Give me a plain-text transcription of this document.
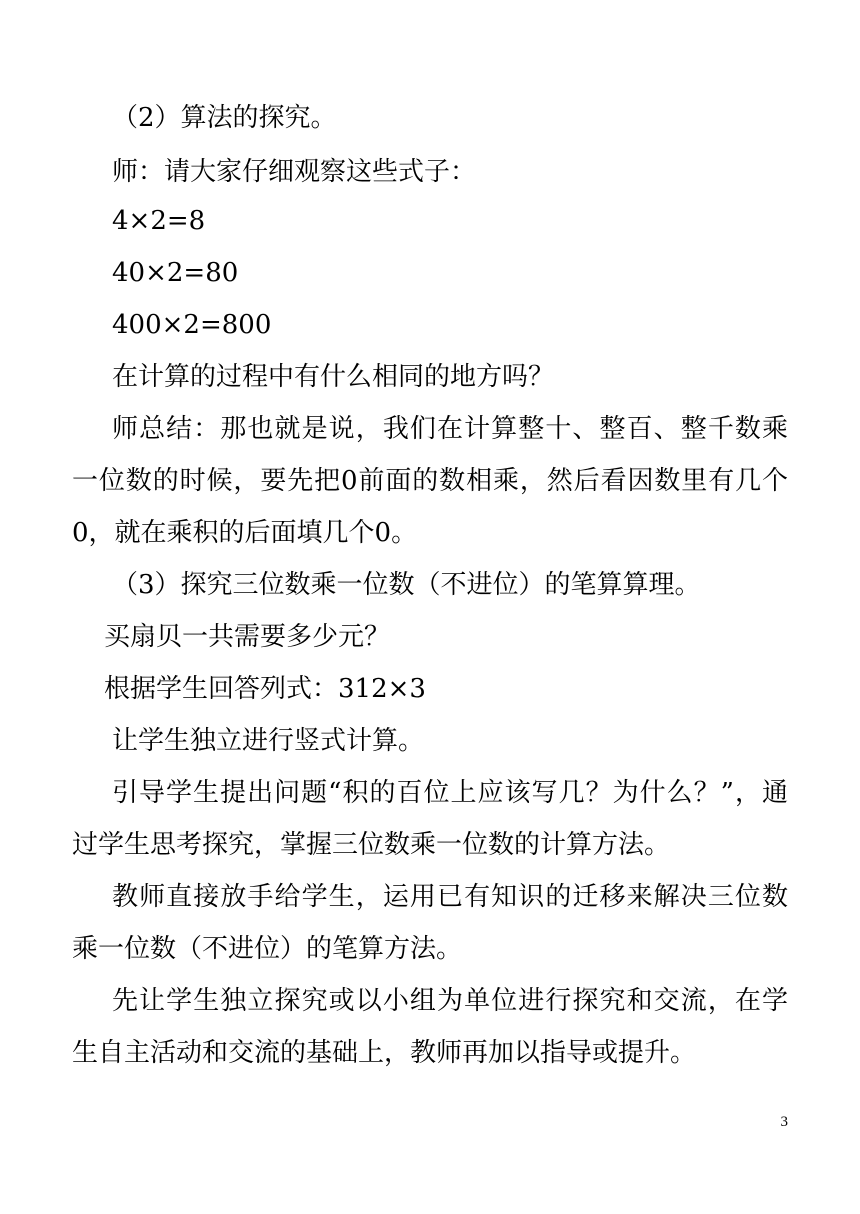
（2）算法的探究。

师：请大家仔细观察这些式子：

4×2=8

40×2=80

400×2=800

在计算的过程中有什么相同的地方吗？

师总结：那也就是说，我们在计算整十、整百、整千数乘

一位数的时候，要先把0前面的数相乘，然后看因数里有几个

0，就在乘积的后面填几个0。

（3）探究三位数乘一位数（不进位）的笔算算理。

买扇贝一共需要多少元？

根据学生回答列式：312×3

让学生独立进行竖式计算。

引导学生提出问题“积的百位上应该写几？为什么？”，通

过学生思考探究，掌握三位数乘一位数的计算方法。

教师直接放手给学生，运用已有知识的迁移来解决三位数

乘一位数（不进位）的笔算方法。

先让学生独立探究或以小组为单位进行探究和交流，在学

生自主活动和交流的基础上，教师再加以指导或提升。

3
